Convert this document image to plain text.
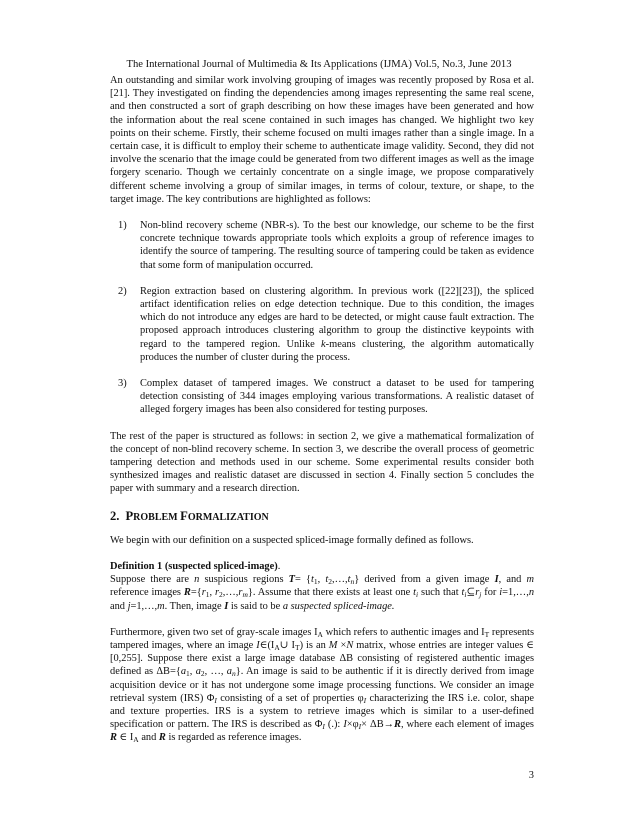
The International Journal of Multimedia & Its Applications (IJMA) Vol.5, No.3, June 2013

An outstanding and similar work involving grouping of images was recently proposed by Rosa et al.[21]. They investigated on finding the dependencies among images representing the same real scene, and then constructed a sort of graph describing on how these images have been generated and how the information about the real scene contained in such images has changed. We highlight two key points on their scheme. Firstly, their scheme focused on multi images rather than a single image. In a certain case, it is difficult to employ their scheme to authenticate image validity. Second, they did not involve the scenario that the image could be generated from two different images as well as the image forgery scenario. Though we certainly concentrate on a single image, we propose comparatively different scheme involving a group of similar images, in terms of colour, texture, or shape, to the target image. The key contributions are highlighted as follows:

1)	Non-blind recovery scheme (NBR-s). To the best our knowledge, our scheme to be the first concrete technique towards appropriate tools which exploits a group of reference images to identify the source of tampering. The resulting source of tampering could be taken as evidence that some form of manipulation occurred.

2)	Region extraction based on clustering algorithm. In previous work ([22][23]), the spliced artifact identification relies on edge detection technique. Due to this condition, the images which do not introduce any edges are hard to be detected, or might cause fault extraction. The proposed approach introduces clustering algorithm to group the distinctive keypoints with regard to the tampered region. Unlike k-means clustering, the algorithm automatically produces the number of cluster during the process.

3)	Complex dataset of tampered images. We construct a dataset to be used for tampering detection consisting of 344 images employing various transformations. A realistic dataset of alleged forgery images has been also considered for testing purposes.

The rest of the paper is structured as follows: in section 2, we give a mathematical formalization of the concept of non-blind recovery scheme. In section 3, we describe the overall process of geometric tampering detection and methods used in our scheme. Some experimental results consider both synthesized images and realistic dataset are discussed in section 4. Finally section 5 concludes the paper with summary and a research direction.

2. PROBLEM FORMALIZATION

We begin with our definition on a suspected spliced-image formally defined as follows.

Definition 1 (suspected spliced-image).

Suppose there are n suspicious regions $T= \{t_1$, $t_2,\dots,t_n$} derived from a given image I, and m reference images $R=\{r_1$, $r_2,\dots,r_m$}. Assume that there exists at least one $t_i$ such that $t_i⊆r_j$ for i=1,…,n and j=1,…,m. Then, image I is said to be a suspected spliced-image.

Furthermore, given two set of gray-scale images $I_A$ which refers to authentic images and $I_T$ represents tampered images, where an image $I\in(I_A\cup$ $I_T$) is an M ×N matrix, whose entries are integer values ∈ [0,255]. Suppose there exist a large image database ΔB consisting of registered authentic images defined as $\Delta B=\{a_1$, $a_2$, …, $a_n$}. An image is said to be authentic if it is directly derived from image acquisition device or it has not undergone some image processing functions. We consider an image retrieval system (IRS) $\Phi_I$ consisting of a set of properties $\varphi_I$ characterizing the IRS i.e. color, shape and texture properties. IRS is a system to retrieve images which is similar to a user-defined specification or pattern. The IRS is described as $\Phi_I$ (.): $I\times\varphi_I\times \Delta B\to R$, where each element of images R ∈ $I_A$ and R is regarded as reference images.

3
